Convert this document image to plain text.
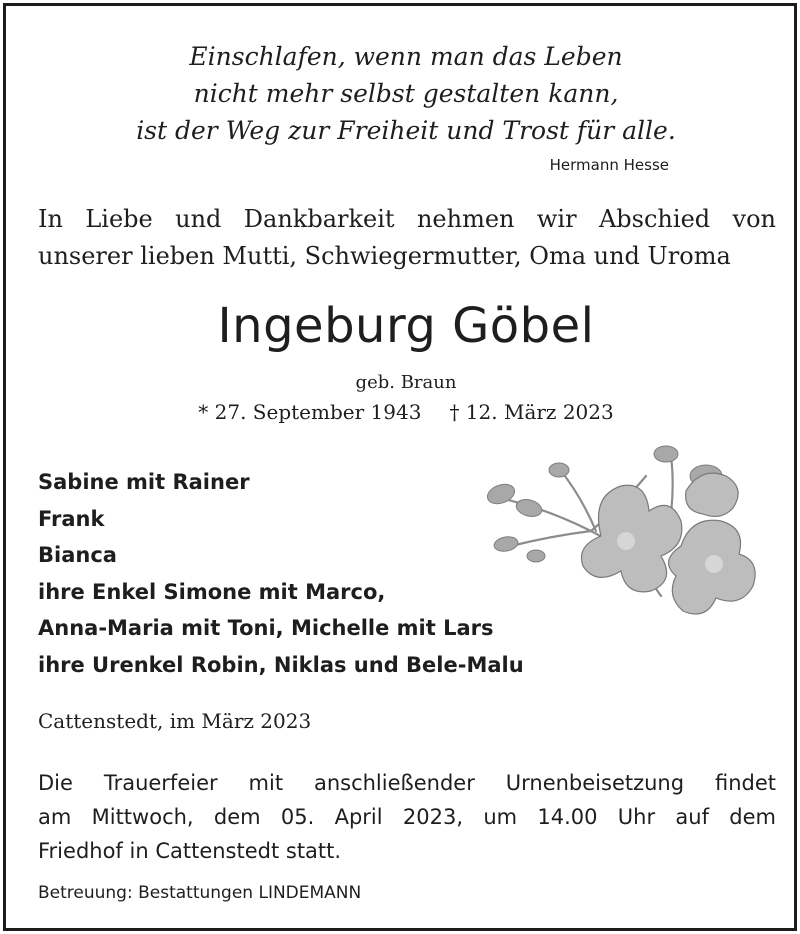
Einschlafen, wenn man das Leben
nicht mehr selbst gestalten kann,
ist der Weg zur Freiheit und Trost für alle.
Hermann Hesse
In Liebe und Dankbarkeit nehmen wir Abschied von
unserer lieben Mutti, Schwiegermutter, Oma und Uroma
Ingeburg Göbel
geb. Braun
* 27. September 1943 † 12. März 2023
Sabine mit Rainer
Frank
Bianca
ihre Enkel Simone mit Marco,
Anna-Maria mit Toni, Michelle mit Lars
ihre Urenkel Robin, Niklas und Bele-Malu
Cattenstedt, im März 2023
Die Trauerfeier mit anschließender Urnenbeisetzung findet
am Mittwoch, dem 05. April 2023, um 14.00 Uhr auf dem
Friedhof in Cattenstedt statt.
Betreuung: Bestattungen LINDEMANN
